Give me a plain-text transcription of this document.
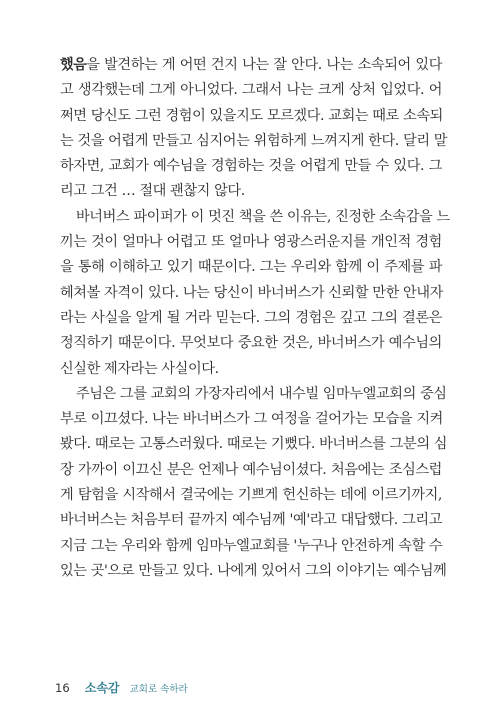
했음을 발견하는 게 어떤 건지 나는 잘 안다. 나는 소속되어 있다
고 생각했는데 그게 아니었다. 그래서 나는 크게 상처 입었다. 어
쩌면 당신도 그런 경험이 있을지도 모르겠다. 교회는 때로 소속되
는 것을 어렵게 만들고 심지어는 위험하게 느껴지게 한다. 달리 말
하자면, 교회가 예수님을 경험하는 것을 어렵게 만들 수 있다. 그
리고 그건 … 절대 괜찮지 않다.
바너버스 파이퍼가 이 멋진 책을 쓴 이유는, 진정한 소속감을 느
끼는 것이 얼마나 어렵고 또 얼마나 영광스러운지를 개인적 경험
을 통해 이해하고 있기 때문이다. 그는 우리와 함께 이 주제를 파
헤쳐볼 자격이 있다. 나는 당신이 바너버스가 신뢰할 만한 안내자
라는 사실을 알게 될 거라 믿는다. 그의 경험은 깊고 그의 결론은
정직하기 때문이다. 무엇보다 중요한 것은, 바너버스가 예수님의
신실한 제자라는 사실이다.
주님은 그를 교회의 가장자리에서 내수빌 임마누엘교회의 중심
부로 이끄셨다. 나는 바너버스가 그 여정을 걸어가는 모습을 지켜
봤다. 때로는 고통스러웠다. 때로는 기뻤다. 바너버스를 그분의 심
장 가까이 이끄신 분은 언제나 예수님이셨다. 처음에는 조심스럽
게 탐험을 시작해서 결국에는 기쁘게 헌신하는 데에 이르기까지,
바너버스는 처음부터 끝까지 예수님께 '예'라고 대답했다. 그리고
지금 그는 우리와 함께 임마누엘교회를 '누구나 안전하게 속할 수
있는 곳'으로 만들고 있다. 나에게 있어서 그의 이야기는 예수님께
16 소속감 교회로 속하라
